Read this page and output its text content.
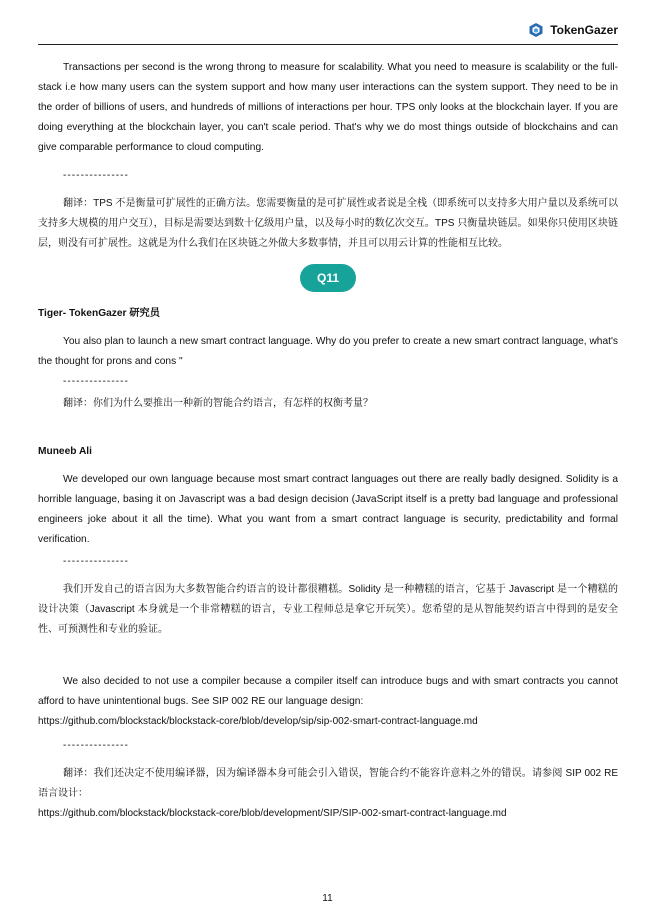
TokenGazer

Transactions per second is the wrong throng to measure for scalability. What you need to measure is scalability or the full-stack i.e how many users can the system support and how many user interactions can the system support. They need to be in the order of billions of users, and hundreds of millions of interactions per hour. TPS only looks at the blockchain layer. If you are doing everything at the blockchain layer, you can't scale period. That's why we do most things outside of blockchains and can give comparable performance to cloud computing.

---------------

翻译：TPS 不是衡量可扩展性的正确方法。您需要衡量的是可扩展性或者说是全栈（即系统可以支持多大用户量以及系统可以支持多大规模的用户交互），目标是需要达到数十亿级用户量，以及每小时的数亿次交互。TPS 只衡量块链层。如果你只使用区块链层，则没有可扩展性。这就是为什么我们在区块链之外做大多数事情，并且可以用云计算的性能相互比较。

Q11

Tiger- TokenGazer 研究员

You also plan to launch a new smart contract language. Why do you prefer to create a new smart contract language, what's the thought for prons and cons "

---------------

翻译：你们为什么要推出一种新的智能合约语言，有怎样的权衡考量？

Muneeb Ali

We developed our own language because most smart contract languages out there are really badly designed. Solidity is a horrible language, basing it on Javascript was a bad design decision (JavaScript itself is a pretty bad language and professional engineers joke about it all the time). What you want from a smart contract language is security, predictability and formal verification.

---------------

我们开发自己的语言因为大多数智能合约语言的设计都很糟糕。Solidity 是一种糟糕的语言，它基于 Javascript 是一个糟糕的设计决策（Javascript 本身就是一个非常糟糕的语言，专业工程师总是拿它开玩笑）。您希望的是从智能契约语言中得到的是安全性、可预测性和专业的验证。

We also decided to not use a compiler because a compiler itself can introduce bugs and with smart contracts you cannot afford to have unintentional bugs. See SIP 002 RE our language design:

https://github.com/blockstack/blockstack-core/blob/develop/sip/sip-002-smart-contract-language.md

---------------

翻译：我们还决定不使用编译器，因为编译器本身可能会引入错误，智能合约不能容许意料之外的错误。请参阅 SIP 002 RE 语言设计：

https://github.com/blockstack/blockstack-core/blob/development/SIP/SIP-002-smart-contract-language.md

11
